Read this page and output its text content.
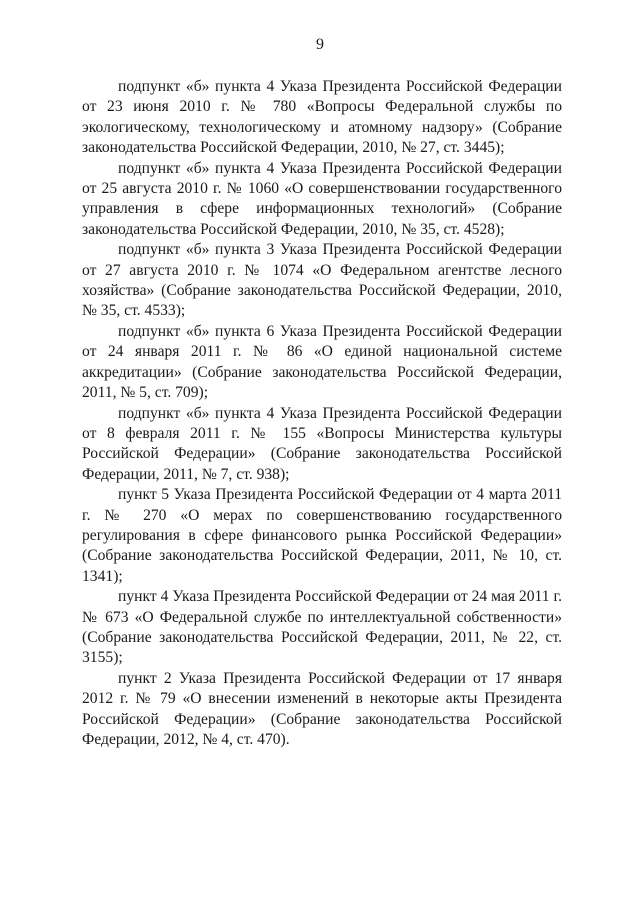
9

подпункт «б» пункта 4 Указа Президента Российской Федерации от 23 июня 2010 г. № 780 «Вопросы Федеральной службы по экологическому, технологическому и атомному надзору» (Собрание законодательства Российской Федерации, 2010, № 27, ст. 3445);

подпункт «б» пункта 4 Указа Президента Российской Федерации от 25 августа 2010 г. № 1060 «О совершенствовании государственного управления в сфере информационных технологий» (Собрание законодательства Российской Федерации, 2010, № 35, ст. 4528);

подпункт «б» пункта 3 Указа Президента Российской Федерации от 27 августа 2010 г. № 1074 «О Федеральном агентстве лесного хозяйства» (Собрание законодательства Российской Федерации, 2010, № 35, ст. 4533);

подпункт «б» пункта 6 Указа Президента Российской Федерации от 24 января 2011 г. № 86 «О единой национальной системе аккредитации» (Собрание законодательства Российской Федерации, 2011, № 5, ст. 709);

подпункт «б» пункта 4 Указа Президента Российской Федерации от 8 февраля 2011 г. № 155 «Вопросы Министерства культуры Российской Федерации» (Собрание законодательства Российской Федерации, 2011, № 7, ст. 938);

пункт 5 Указа Президента Российской Федерации от 4 марта 2011 г. № 270 «О мерах по совершенствованию государственного регулирования в сфере финансового рынка Российской Федерации» (Собрание законодательства Российской Федерации, 2011, № 10, ст. 1341);

пункт 4 Указа Президента Российской Федерации от 24 мая 2011 г. № 673 «О Федеральной службе по интеллектуальной собственности» (Собрание законодательства Российской Федерации, 2011, № 22, ст. 3155);

пункт 2 Указа Президента Российской Федерации от 17 января 2012 г. № 79 «О внесении изменений в некоторые акты Президента Российской Федерации» (Собрание законодательства Российской Федерации, 2012, № 4, ст. 470).
